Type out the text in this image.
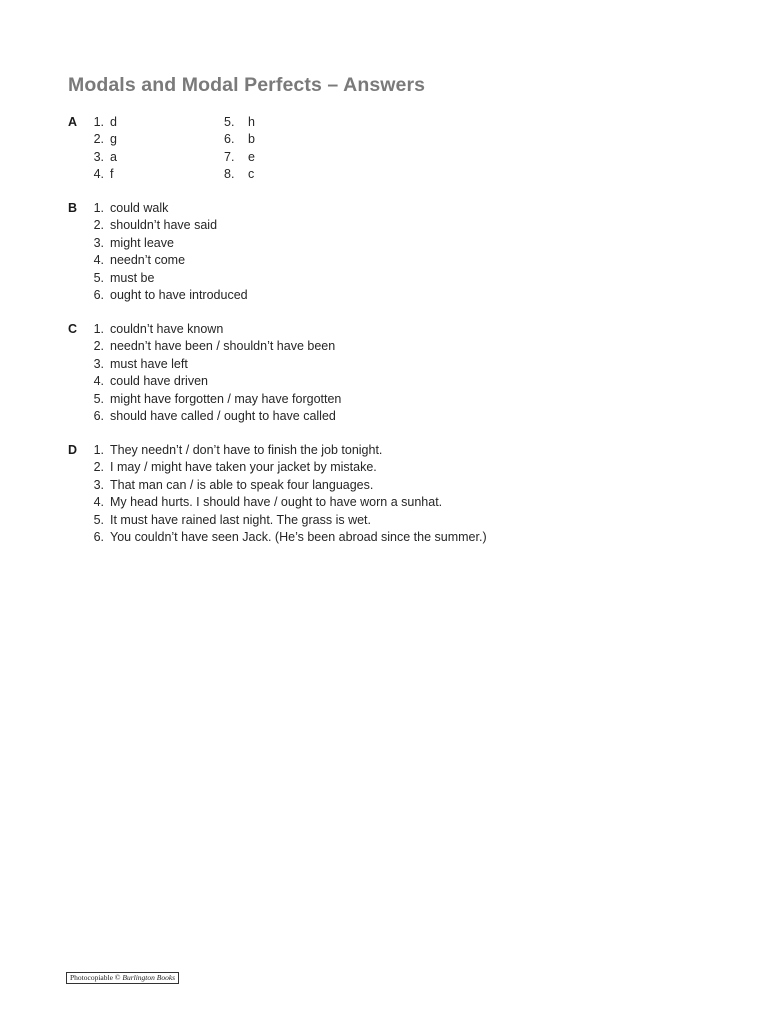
Modals and Modal Perfects – Answers
A	1. d	5. h
2. g	6. b
3. a	7. e
4. f	8. c
B	1. could walk
2. shouldn’t have said
3. might leave
4. needn’t come
5. must be
6. ought to have introduced
C	1. couldn’t have known
2. needn’t have been / shouldn’t have been
3. must have left
4. could have driven
5. might have forgotten / may have forgotten
6. should have called / ought to have called
D	1. They needn’t / don’t have to finish the job tonight.
2. I may / might have taken your jacket by mistake.
3. That man can / is able to speak four languages.
4. My head hurts. I should have / ought to have worn a sunhat.
5. It must have rained last night. The grass is wet.
6. You couldn’t have seen Jack. (He’s been abroad since the summer.)
Photocopiable © Burlington Books
